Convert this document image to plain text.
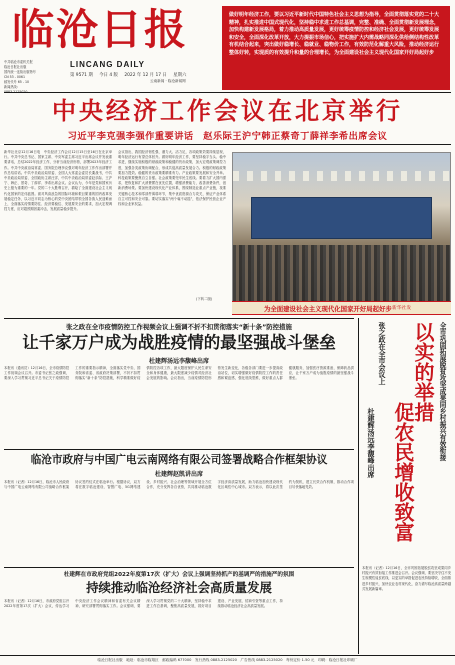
临沧日报
中共临沧市委机关报
临沧日报社出版
国内统一连续出版物号
CN 53 - 0061
邮发代号 65 - 10
新闻热线:
LINCANG DAILY
第 9571 期 今日 4 版 2022 年 12 月 17 日 星期六
云南新闻 · 临沧新闻网
做好明年经济工作，要以习近平新时代中国特色社会主义思想为指导，全面贯彻落实党的二十大精神，扎实推进中国式现代化，坚持稳中求进工作总基调，完整、准确、全面贯彻新发展理念，加快构建新发展格局，着力推动高质量发展，更好统筹疫情防控和经济社会发展，更好统筹发展和安全，全面深化改革开放，大力提振市场信心，把实施扩大内需战略同深化供给侧结构性改革有机结合起来，突出做好稳增长、稳就业、稳物价工作，有效防范化解重大风险，推动经济运行整体好转，实现质的有效提升和量的合理增长，为全面建设社会主义现代化国家开好局起好步
中央经济工作会议在北京举行
习近平李克强李强作重要讲话　赵乐际王沪宁韩正蔡奇丁薛祥李希出席会议
新华社北京12月16日电　中央经济工作会议12月15日至16日在北京举行。中共中央总书记、国家主席、中央军委主席习近平出席会议并发表重要讲话，总结2022年经济工作，分析当前经济形势，部署2023年经济工作。中共中央政治局常委、国务院总理李克强对明年经济工作作出部署并作总结讲话。中共中央政治局常委、全国人大常委会委员长栗战书，中共中央政治局常委、全国政协主席汪洋，中共中央政治局常委赵乐际、王沪宁、韩正、蔡奇、丁薛祥、李希出席会议。会议认为，今年是党和国家历史上极为重要的一年。党的二十大胜利召开，描绘了全面建设社会主义现代化国家的宏伟蓝图。面对风高浪急的国际环境和艰巨繁重的国内改革发展稳定任务，以习近平同志为核心的党中央团结带领全国各族人民迎难而上，全面落实疫情要防住、经济要稳住、发展要安全的要求，加大宏观调控力度，应对超预期因素冲击，发展质量稳步提升。
会议指出，我国经济韧性强、潜力大、活力足，各项政策效果持续显现，明年经济运行有望总体回升。做好明年经济工作，要坚持稳字当头、稳中求进，继续实施积极的财政政策和稳健的货币政策，加大宏观政策调控力度，加强各类政策协调配合，形成共促高质量发展合力。积极的财政政策要加力提效。稳健的货币政策要精准有力。产业政策要发展和安全并举。科技政策要聚焦自立自强。社会政策要兜牢民生底线。要着力扩大国内需求，把恢复和扩大消费摆在优先位置，增强消费能力，改善消费条件，创新消费场景。要加快建设现代化产业体系，围绕制造业重点产业链，找准关键核心技术和零部件薄弱环节，集中优质资源合力攻关，保证产业体系自主可控和安全可靠。要切实落实“两个毫不动摇”，依法保护民营企业产权和企业家权益。
(下转二版)
为全面建设社会主义现代化国家开好局起好步 新华社发
张之政在全市疫情防控工作视频会议上强调不折不扣贯彻落实“新十条”防控措施
让千家万户成为战胜疫情的最坚强战斗堡垒
杜建辉汤远李馥峰出席
本报讯（通讯员）12月16日，全市疫情防控工作视频会议召开。市委书记张之政强调，要深入学习贯彻习近平总书记关于疫情防控工作的重要指示精神，全面落实党中央、国务院和省委、省政府决策部署，不折不扣贯彻落实“新十条”防控措施，科学精准做好疫情防控各项工作，最大限度保护人民生命安全和身体健康，最大限度减少疫情对经济社会发展的影响。会议指出，当前疫情防控形势发生新变化，各级各部门要进一步提高政治站位，切实增强做好疫情防控工作的责任感和紧迫感，强化底线思维，做好重点人群健康服务，加强医疗资源准备，保障药品供应，让千家万户成为战胜疫情的最坚强战斗堡垒。
临沧市政府与中国广电云南网络有限公司签署战略合作框架协议
杜建辉赵凯讲出席
本报讯（记者）12月16日，临沧市人民政府与中国广电云南网络有限公司战略合作框架协议签约仪式在临沧举行。根据协议，双方将在数字临沧建设、智慧广电、5G网络建设、乡村振兴、社会治理等领域开展全方位合作，充分发挥各自优势，共同推动临沧数字经济高质量发展，助力临沧加快建设现代化区域性中心城市。双方表示，将以此次签约为契机，建立长效合作机制，推动合作项目尽快落地见效。
杜建辉在市政府党组2022年度第17次（扩大）会议上强调坚持抓产的基调严的措施严的氛围
持续推动临沧经济社会高质量发展
本报讯（记者）12月16日，市政府党组召开2022年度第17次（扩大）会议，传达学习中央经济工作会议精神和省委有关会议精神，研究部署贯彻落实工作。会议强调，要深入学习贯彻党的二十大精神，坚持稳中求进工作总基调，聚焦高质量发展，抓好项目建设、产业发展、招商引资等重点工作，持续推动临沧经济社会高质量发展。
全市巩固拓展脱贫攻坚成果同乡村振兴有效衔接
以实的举措
促农民增收致富
张之政在全市会议上
杜建辉汤远李馥峰出席
本报讯（记者）12月16日，全市巩固拓展脱贫攻坚成果同乡村振兴有效衔接工作推进会召开。会议强调，要坚决守住不发生规模性返贫底线，以更实的举措促进农民持续增收，全面推进乡村振兴，加快农业农村现代化，奋力谱写临沧高质量跨越式发展新篇章。
临沧日报社出版　地址：临沧市临翔区　邮政编码 677000　发行热线 0883-2125020　广告热线 0883-2125020　每份定价 1.50 元　印刷：临沧日报社印刷厂
